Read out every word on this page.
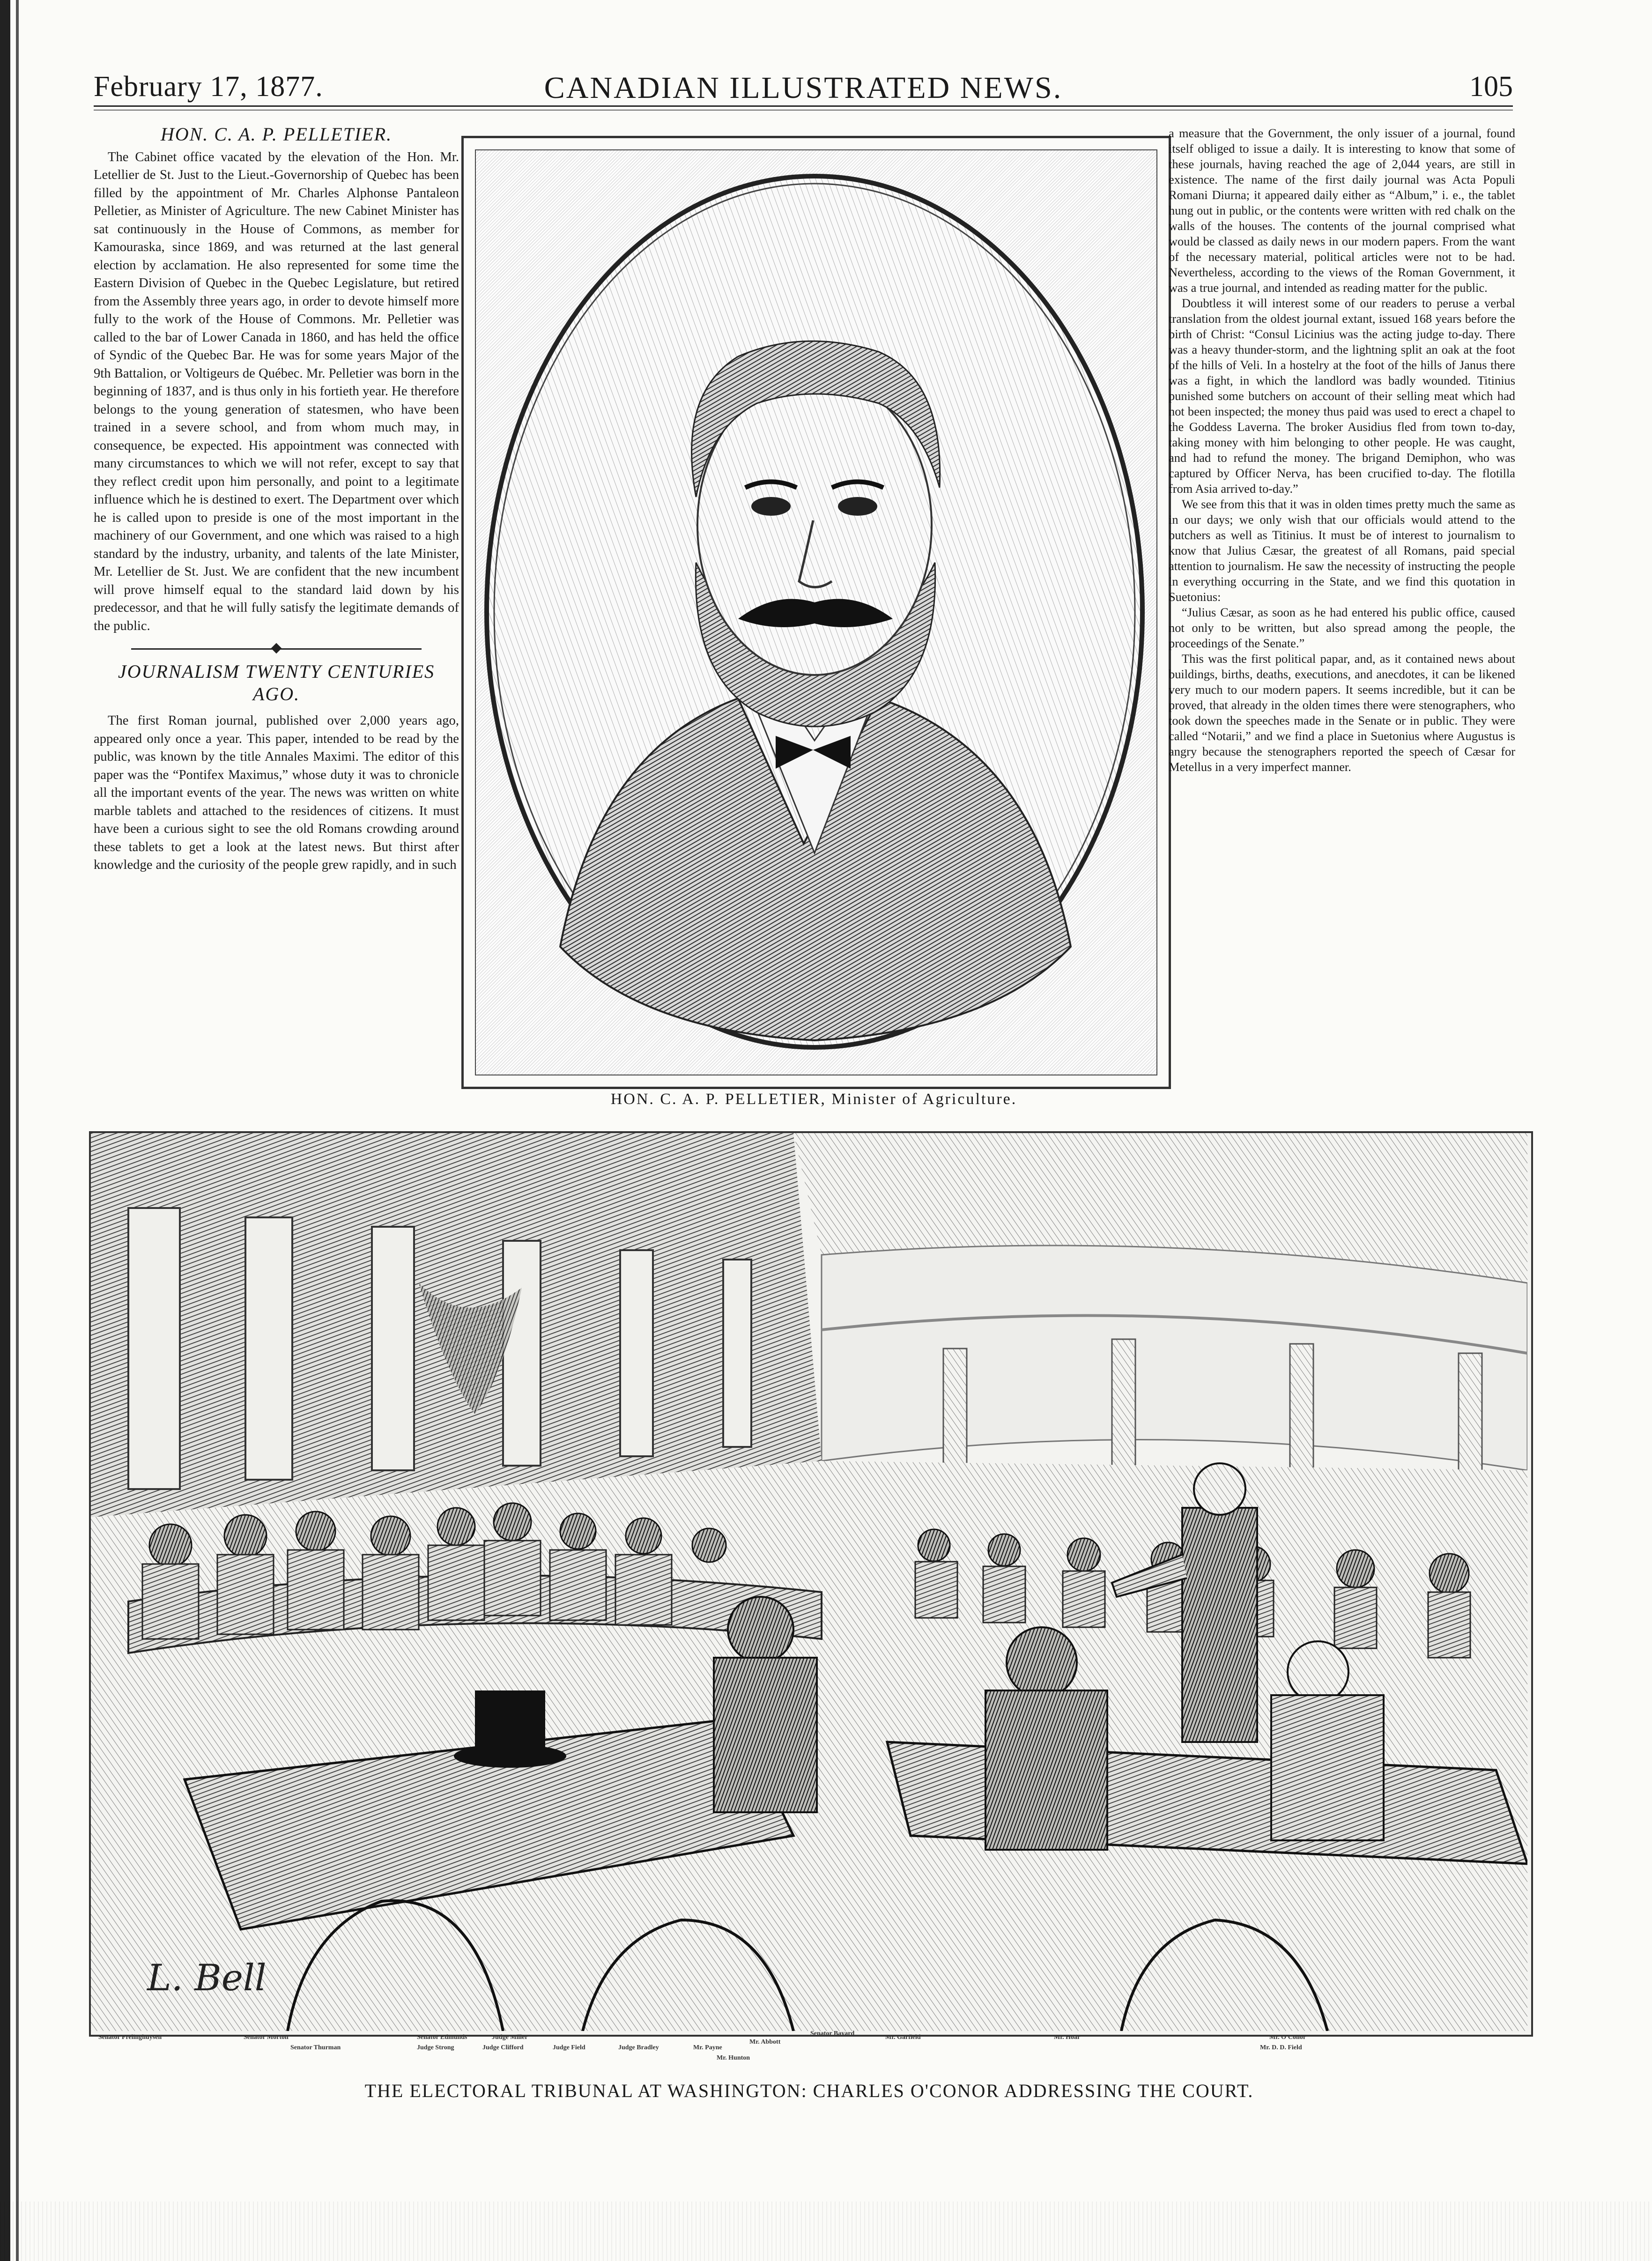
CANADIAN ILLUSTRATED NEWS.
February 17, 1877.	105
HON. C. A. P. PELLETIER.

The Cabinet office vacated by the elevation of the Hon. Mr. Letellier de St. Just to the Lieut.-Governorship of Quebec has been filled by the appointment of Mr. Charles Alphonse Pantaleon Pelletier, as Minister of Agriculture. The new Cabinet Minister has sat continuously in the House of Commons, as member for Kamouraska, since 1869, and was returned at the last general election by acclamation. He also represented for some time the Eastern Division of Quebec in the Quebec Legislature, but retired from the Assembly three years ago, in order to devote himself more fully to the work of the House of Commons. Mr. Pelletier was called to the bar of Lower Canada in 1860, and has held the office of Syndic of the Quebec Bar. He was for some years Major of the 9th Battalion, or Voltigeurs de Québec. Mr. Pelletier was born in the beginning of 1837, and is thus only in his fortieth year. He therefore belongs to the young generation of statesmen, who have been trained in a severe school, and from whom much may, in consequence, be expected. His appointment was connected with many circumstances to which we will not refer, except to say that they reflect credit upon him personally, and point to a legitimate influence which he is destined to exert. The Department over which he is called upon to preside is one of the most important in the machinery of our Government, and one which was raised to a high standard by the industry, urbanity, and talents of the late Minister, Mr. Letellier de St. Just. We are confident that the new incumbent will prove himself equal to the standard laid down by his predecessor, and that he will fully satisfy the legitimate demands of the public.

JOURNALISM TWENTY CENTURIES
AGO.

The first Roman journal, published over 2,000 years ago, appeared only once a year. This paper, intended to be read by the public, was known by the title Annales Maximi. The editor of this paper was the “Pontifex Maximus,” whose duty it was to chronicle all the important events of the year. The news was written on white marble tablets and attached to the residences of citizens. It must have been a curious sight to see the old Romans crowding around these tablets to get a look at the latest news. But thirst after knowledge and the curiosity of the people grew rapidly, and in such

HON. C. A. P. PELLETIER, Minister of Agriculture.

a measure that the Government, the only issuer of a journal, found itself obliged to issue a daily. It is interesting to know that some of these journals, having reached the age of 2,044 years, are still in existence. The name of the first daily journal was Acta Populi Romani Diurna; it appeared daily either as “Album,” i. e., the tablet hung out in public, or the contents were written with red chalk on the walls of the houses. The contents of the journal comprised what would be classed as daily news in our modern papers. From the want of the necessary material, political articles were not to be had. Nevertheless, according to the views of the Roman Government, it was a true journal, and intended as reading matter for the public.

Doubtless it will interest some of our readers to peruse a verbal translation from the oldest journal extant, issued 168 years before the birth of Christ: “Consul Licinius was the acting judge to-day. There was a heavy thunder-storm, and the lightning split an oak at the foot of the hills of Veli. In a hostelry at the foot of the hills of Janus there was a fight, in which the landlord was badly wounded. Titinius punished some butchers on account of their selling meat which had not been inspected; the money thus paid was used to erect a chapel to the Goddess Laverna. The broker Ausidius fled from town to-day, taking money with him belonging to other people. He was caught, and had to refund the money. The brigand Demiphon, who was captured by Officer Nerva, has been crucified to-day. The flotilla from Asia arrived to-day.”

We see from this that it was in olden times pretty much the same as in our days; we only wish that our officials would attend to the butchers as well as Titinius. It must be of interest to journalism to know that Julius Cæsar, the greatest of all Romans, paid special attention to journalism. He saw the necessity of instructing the people in everything occurring in the State, and we find this quotation in Suetonius:

“Julius Cæsar, as soon as he had entered his public office, caused not only to be written, but also spread among the people, the proceedings of the Senate.”

This was the first political papar, and, as it contained news about buildings, births, deaths, executions, and anecdotes, it can be likened very much to our modern papers. It seems incredible, but it can be proved, that already in the olden times there were stenographers, who took down the speeches made in the Senate or in public. They were called “Notarii,” and we find a place in Suetonius where Augustus is angry because the stenographers reported the speech of Cæsar for Metellus in a very imperfect manner.

L. Bell
Senator Frelinghuysen	Senator Morton
Senator Thurman
Senator Edmunds	Judge Miller
Judge Strong	Judge Clifford	Judge Field	Judge Bradley	Mr. Payne
Mr. Abbott
Mr. Hunton
Senator Bayard
Mr. Garfield	Mr. Hoar	Mr. O'Conor
Mr. D. D. Field
THE ELECTORAL TRIBUNAL AT WASHINGTON: CHARLES O'CONOR ADDRESSING THE COURT.
